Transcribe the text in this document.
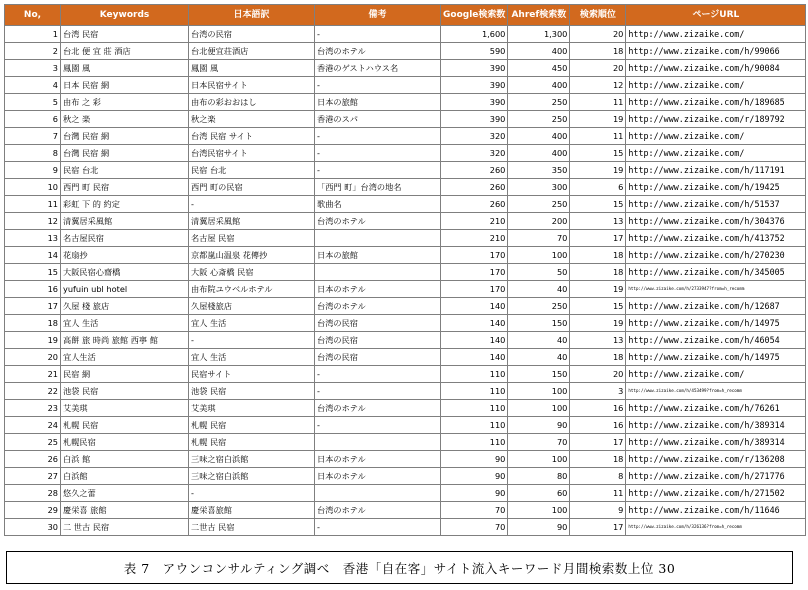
No,	Keywords	日本語訳	備考	Google検索数	Ahref検索数	検索順位	ページURL
1	台湾 民宿	台湾の民宿	-	1,600	1,300	20	http://www.zizaike.com/
2	台北 便 宜 莊 酒店	台北便宜荘酒店	台湾のホテル	590	400	18	http://www.zizaike.com/h/99066
3	鳳園 風	鳳園 風	香港のゲストハウス名	390	450	20	http://www.zizaike.com/h/90084
4	日本 民宿 網	日本民宿サイト	-	390	400	12	http://www.zizaike.com/
5	由布 之 彩	由布の彩おおはし	日本の旅館	390	250	11	http://www.zizaike.com/h/189685
6	秋之 楽	秋之楽	香港のスパ	390	250	19	http://www.zizaike.com/r/189792
7	台灣 民宿 網	台湾 民宿 サイト	-	320	400	11	http://www.zizaike.com/
8	台灣 民宿 網	台湾民宿サイト	-	320	400	15	http://www.zizaike.com/
9	民宿 台北	民宿 台北	-	260	350	19	http://www.zizaike.com/h/117191
10	西門 町 民宿	西門 町の民宿	「西門 町」台湾の地名	260	300	6	http://www.zizaike.com/h/19425
11	彩虹 下 的 約定	-	歌曲名	260	250	15	http://www.zizaike.com/h/51537
12	清翼居采風館	清翼居采風館	台湾のホテル	210	200	13	http://www.zizaike.com/h/304376
13	名古屋民宿	名古屋 民宿		210	70	17	http://www.zizaike.com/h/413752
14	花扇抄	京都嵐山温泉 花傳抄	日本の旅館	170	100	18	http://www.zizaike.com/h/270230
15	大阪民宿心齋橋	大阪 心斎橋 民宿		170	50	18	http://www.zizaike.com/h/345005
16	yufuin ubl hotel	由布院ユウベルホテル	日本のホテル	170	40	19	http://www.zizaike.com/h/2733947?from=h_recomm
17	久屋 棧 旅店	久屋棧旅店	台湾のホテル	140	250	15	http://www.zizaike.com/h/12687
18	宜人 生活	宜人 生活	台湾の民宿	140	150	19	http://www.zizaike.com/h/14975
19	高餅 旅 時尚 旅館 西寧 館	-	台湾の民宿	140	40	13	http://www.zizaike.com/h/46054
20	宜人生活	宜人 生活	台湾の民宿	140	40	18	http://www.zizaike.com/h/14975
21	民宿 網	民宿サイト	-	110	150	20	http://www.zizaike.com/
22	池袋 民宿	池袋 民宿	-	110	100	3	http://www.zizaike.com/h/453499?from=h_recomm
23	艾美琪	艾美琪	台湾のホテル	110	100	16	http://www.zizaike.com/h/76261
24	札幌 民宿	札幌 民宿	-	110	90	16	http://www.zizaike.com/h/389314
25	札幌民宿	札幌 民宿		110	70	17	http://www.zizaike.com/h/389314
26	白浜 館	三味之宿白浜館	日本のホテル	90	100	18	http://www.zizaike.com/r/136208
27	白浜館	三味之宿白浜館	日本のホテル	90	80	8	http://www.zizaike.com/h/271776
28	悠久之蕾	-		90	60	11	http://www.zizaike.com/h/271502
29	慶栄喜 旅館	慶栄喜旅館	台湾のホテル	70	100	9	http://www.zizaike.com/h/11646
30	二 世古 民宿	二世古 民宿	-	70	90	17	http://www.zizaike.com/h/326136?from=h_recomm
表 7　アウンコンサルティング調べ　香港「自在客」サイト流入キーワード月間検索数上位 30
